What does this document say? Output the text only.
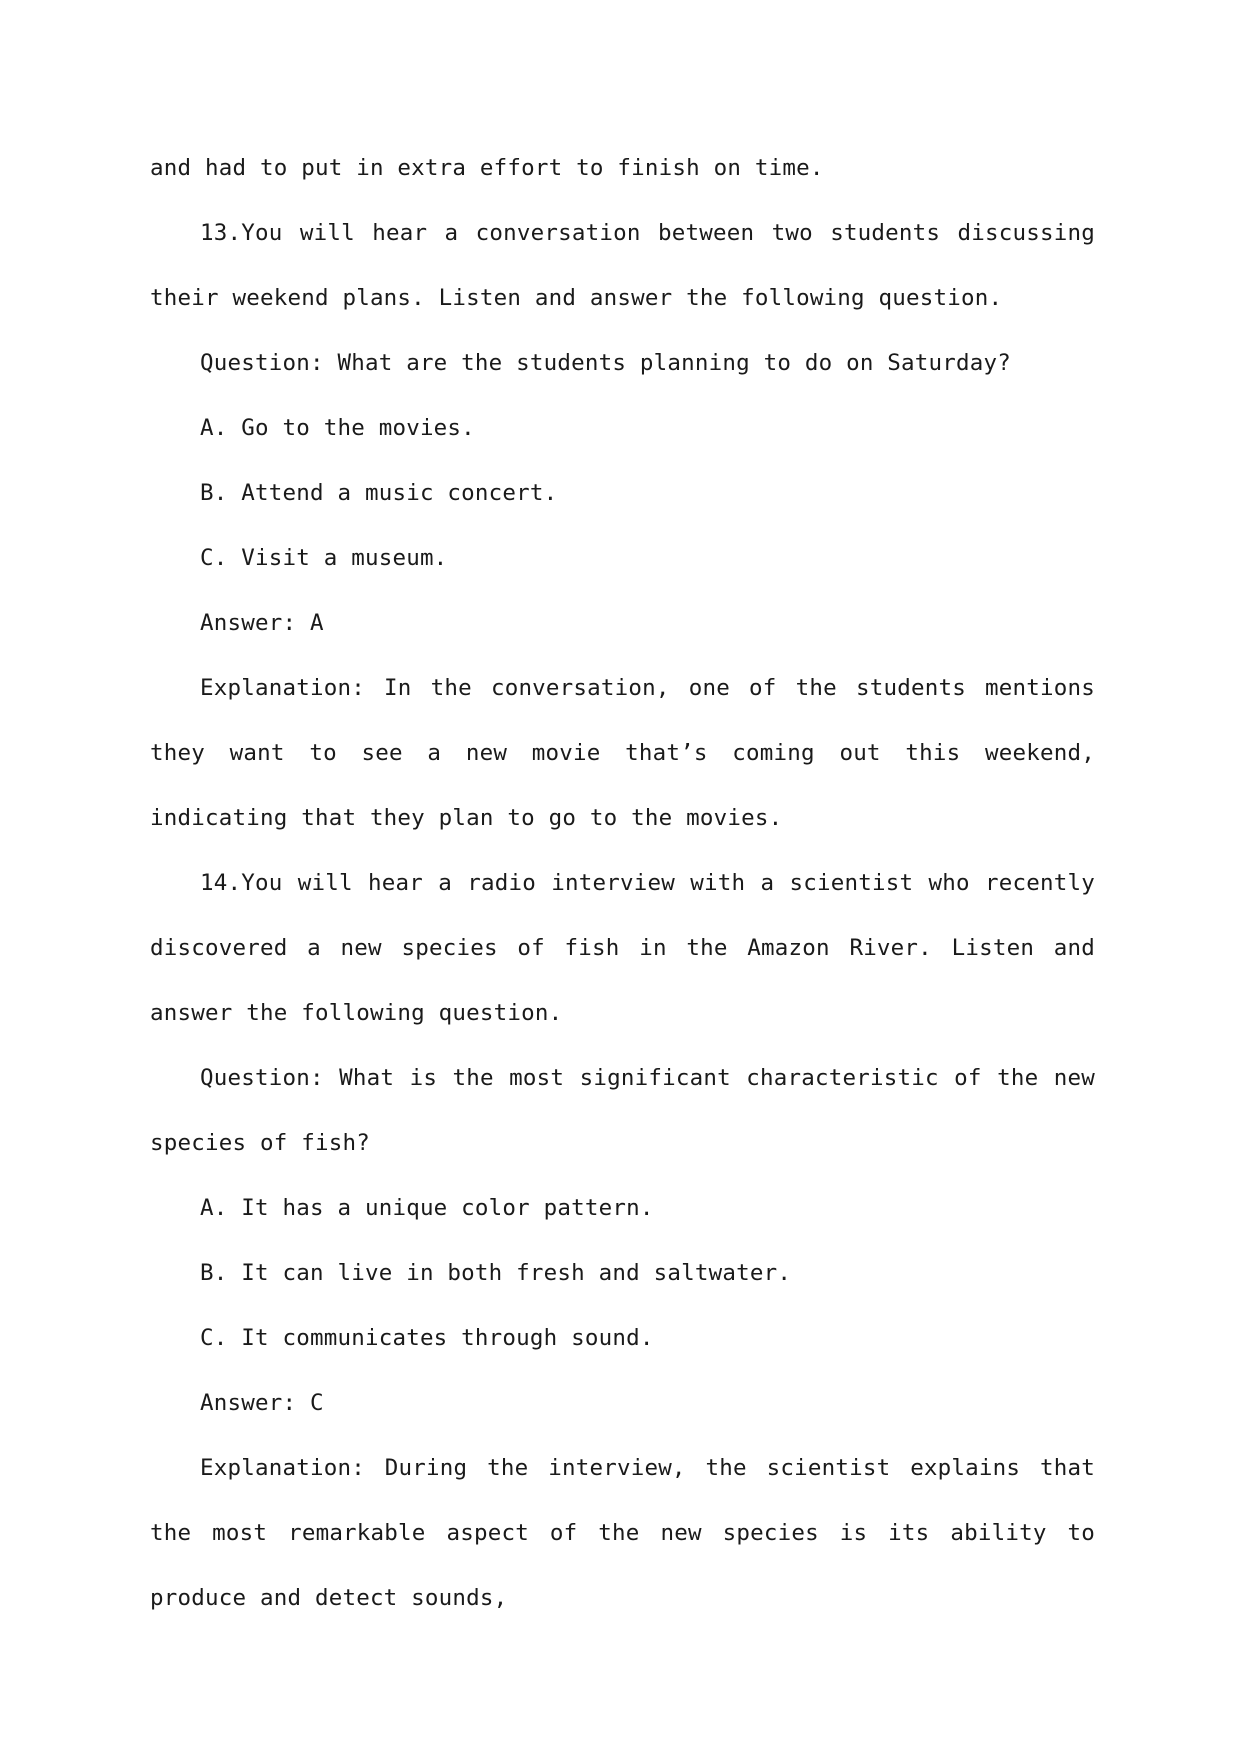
and had to put in extra effort to finish on time.

13.You will hear a conversation between two students discussing their weekend plans. Listen and answer the following question.

Question: What are the students planning to do on Saturday?

A. Go to the movies.

B. Attend a music concert.

C. Visit a museum.

Answer: A

Explanation: In the conversation, one of the students mentions they want to see a new movie that’s coming out this weekend, indicating that they plan to go to the movies.

14.You will hear a radio interview with a scientist who recently discovered a new species of fish in the Amazon River. Listen and answer the following question.

Question: What is the most significant characteristic of the new species of fish?

A. It has a unique color pattern.

B. It can live in both fresh and saltwater.

C. It communicates through sound.

Answer: C

Explanation: During the interview, the scientist explains that the most remarkable aspect of the new species is its ability to produce and detect sounds,
